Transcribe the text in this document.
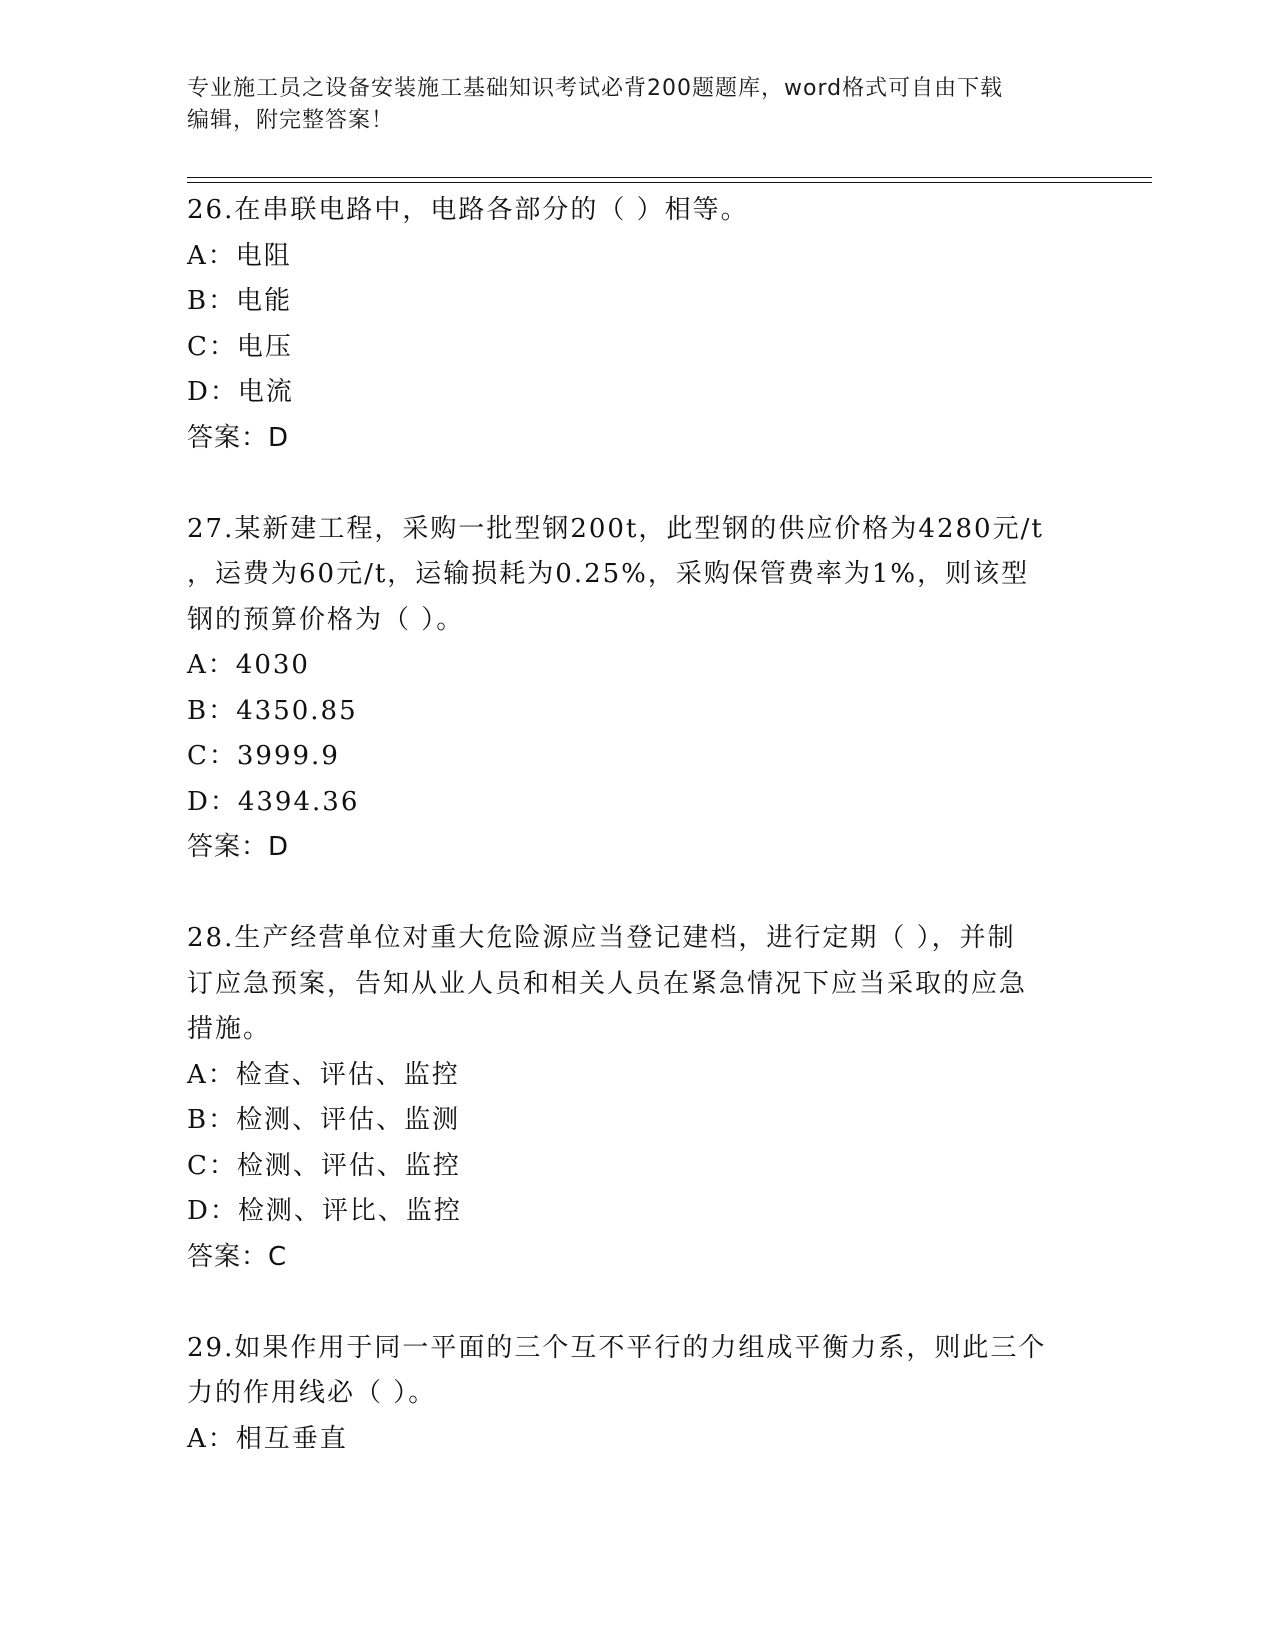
专业施工员之设备安装施工基础知识考试必背200题题库，word格式可自由下载
编辑，附完整答案！
26.在串联电路中，电路各部分的（ ）相等。
A：电阻
B：电能
C：电压
D：电流
答案：D
27.某新建工程，采购一批型钢200t，此型钢的供应价格为4280元/t
，运费为60元/t，运输损耗为0.25%，采购保管费率为1%，则该型
钢的预算价格为（ ）。
A：4030
B：4350.85
C：3999.9
D：4394.36
答案：D
28.生产经营单位对重大危险源应当登记建档，进行定期（ ），并制
订应急预案，告知从业人员和相关人员在紧急情况下应当采取的应急
措施。
A：检查、评估、监控
B：检测、评估、监测
C：检测、评估、监控
D：检测、评比、监控
答案：C
29.如果作用于同一平面的三个互不平行的力组成平衡力系，则此三个
力的作用线必（ ）。
A：相互垂直
